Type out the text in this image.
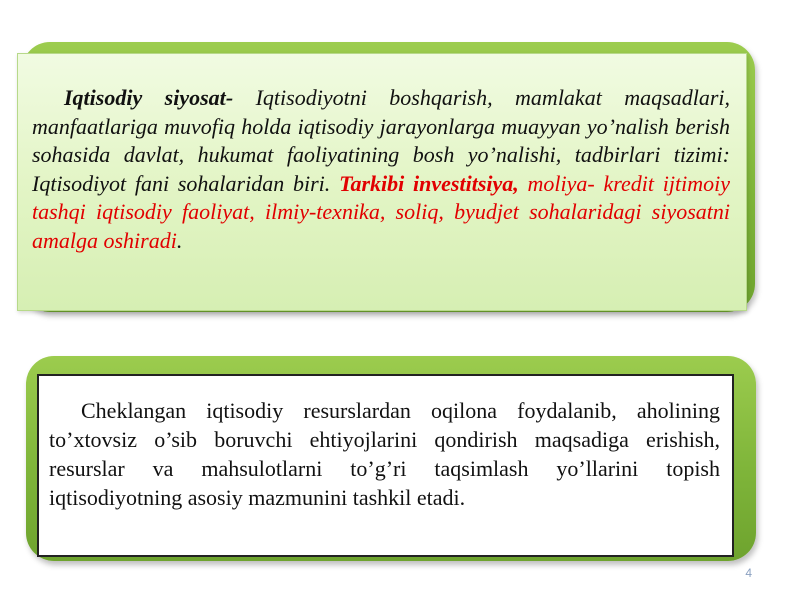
Iqtisodiy siyosat- Iqtisodiyotni boshqarish, mamlakat maqsadlari, manfaatlariga muvofiq holda iqtisodiy jarayonlarga muayyan yo’nalish berish sohasida davlat, hukumat faoliyatining bosh yo’nalishi, tadbirlari tizimi: Iqtisodiyot fani sohalaridan biri. Tarkibi investitsiya, moliya- kredit ijtimoiy tashqi iqtisodiy faoliyat, ilmiy-texnika, soliq, byudjet sohalaridagi siyosatni amalga oshiradi.

Cheklangan iqtisodiy resurslardan oqilona foydalanib, aholining to’xtovsiz o’sib boruvchi ehtiyojlarini qondirish maqsadiga erishish, resurslar va mahsulotlarni to’g’ri taqsimlash yo’llarini topish iqtisodiyotning asosiy mazmunini tashkil etadi.

4
